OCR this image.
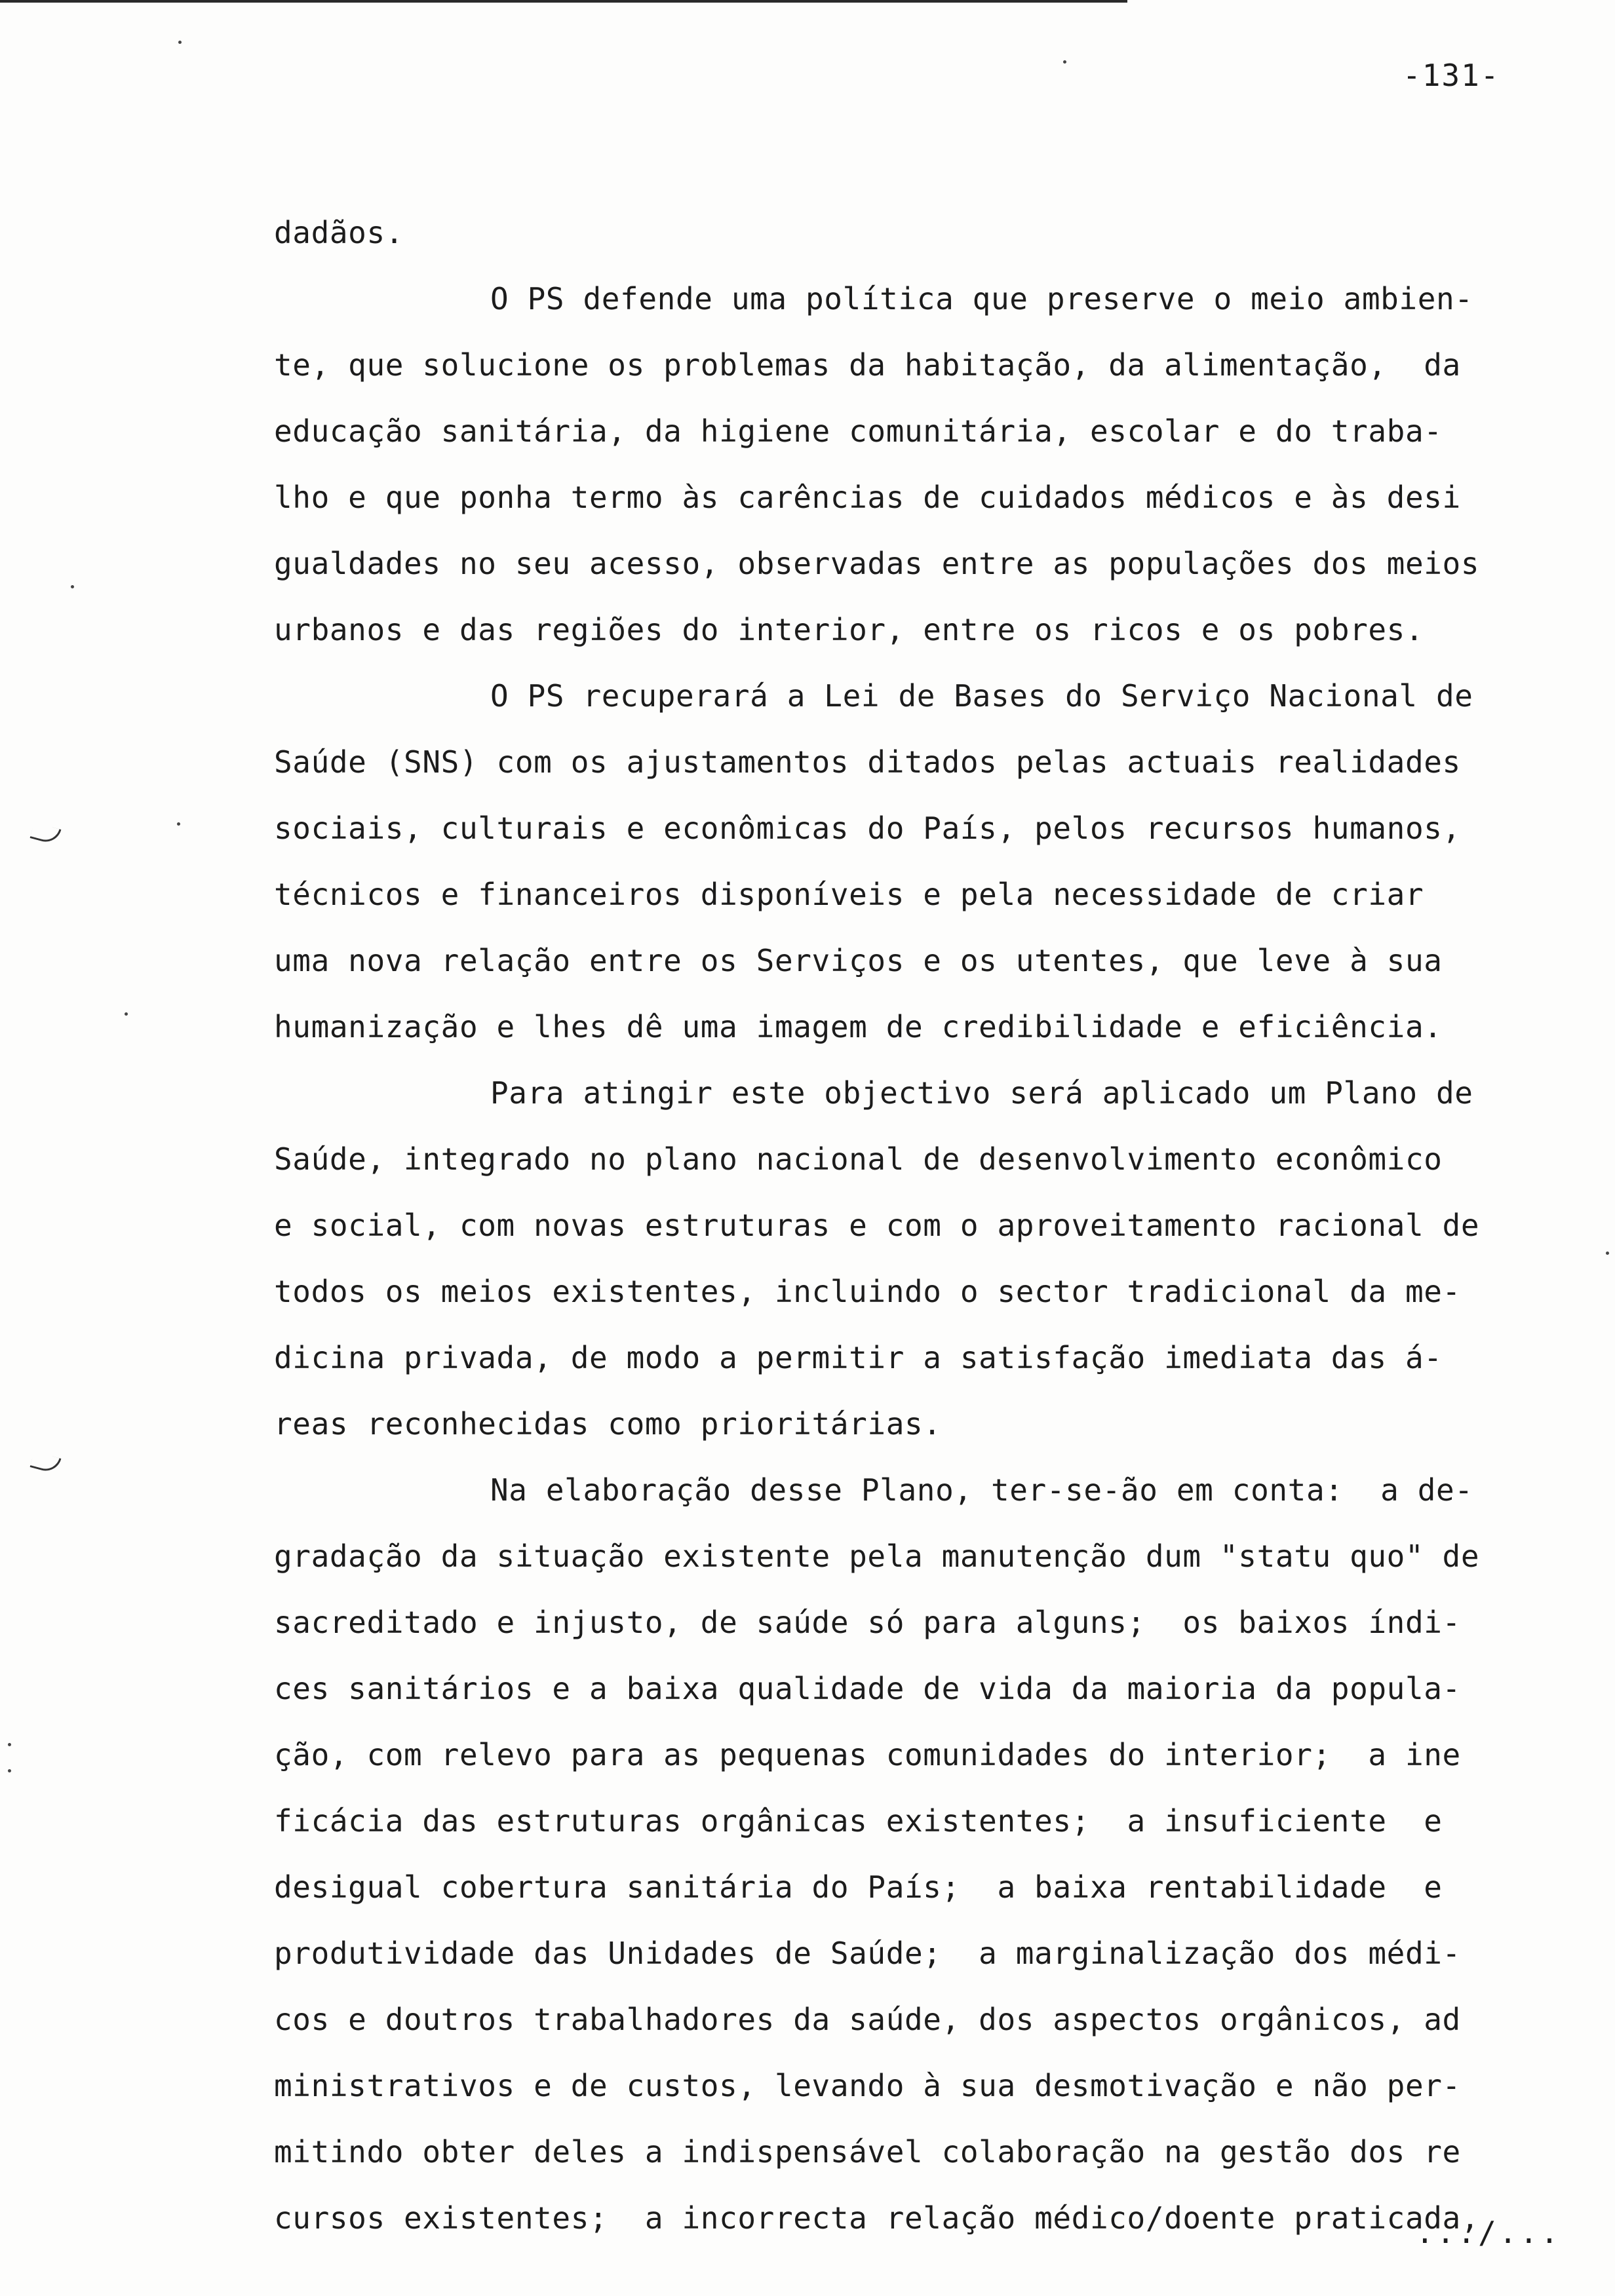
-131-
dadãos.
O PS defende uma política que preserve o meio ambien-
te, que solucione os problemas da habitação, da alimentação,  da
educação sanitária, da higiene comunitária, escolar e do traba-
lho e que ponha termo às carências de cuidados médicos e às desi
gualdades no seu acesso, observadas entre as populações dos meios
urbanos e das regiões do interior, entre os ricos e os pobres.
O PS recuperará a Lei de Bases do Serviço Nacional de
Saúde (SNS) com os ajustamentos ditados pelas actuais realidades
sociais, culturais e econômicas do País, pelos recursos humanos,
técnicos e financeiros disponíveis e pela necessidade de criar
uma nova relação entre os Serviços e os utentes, que leve à sua
humanização e lhes dê uma imagem de credibilidade e eficiência.
Para atingir este objectivo será aplicado um Plano de
Saúde, integrado no plano nacional de desenvolvimento econômico
e social, com novas estruturas e com o aproveitamento racional de
todos os meios existentes, incluindo o sector tradicional da me-
dicina privada, de modo a permitir a satisfação imediata das á-
reas reconhecidas como prioritárias.
Na elaboração desse Plano, ter-se-ão em conta:  a de-
gradação da situação existente pela manutenção dum "statu quo" de
sacreditado e injusto, de saúde só para alguns;  os baixos índi-
ces sanitários e a baixa qualidade de vida da maioria da popula-
ção, com relevo para as pequenas comunidades do interior;  a ine
ficácia das estruturas orgânicas existentes;  a insuficiente  e
desigual cobertura sanitária do País;  a baixa rentabilidade  e
produtividade das Unidades de Saúde;  a marginalização dos médi-
cos e doutros trabalhadores da saúde, dos aspectos orgânicos, ad
ministrativos e de custos, levando à sua desmotivação e não per-
mitindo obter deles a indispensável colaboração na gestão dos re
cursos existentes;  a incorrecta relação médico/doente praticada,
.../...
